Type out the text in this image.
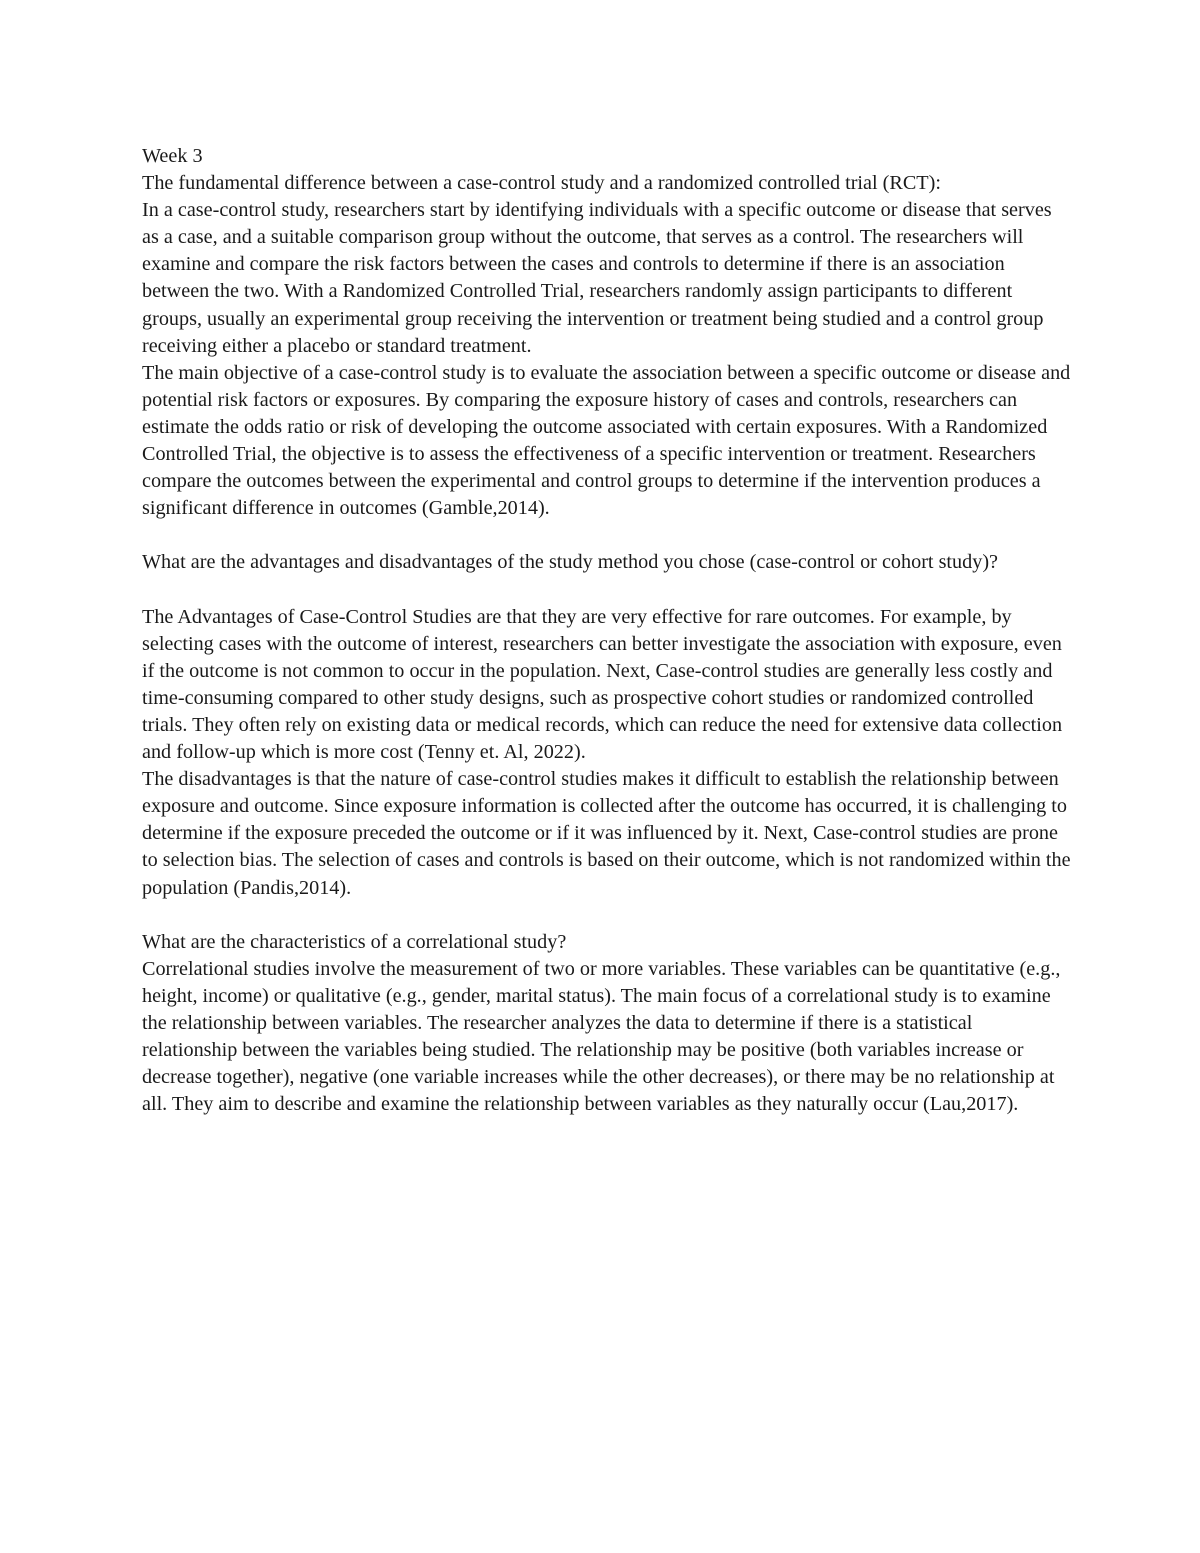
Week 3

The fundamental difference between a case-control study and a randomized controlled trial (RCT):

In a case-control study, researchers start by identifying individuals with a specific outcome or disease that serves as a case, and a suitable comparison group without the outcome, that serves as a control. The researchers will examine and compare the risk factors between the cases and controls to determine if there is an association between the two. With a Randomized Controlled Trial, researchers randomly assign participants to different groups, usually an experimental group receiving the intervention or treatment being studied and a control group receiving either a placebo or standard treatment.

The main objective of a case-control study is to evaluate the association between a specific outcome or disease and potential risk factors or exposures. By comparing the exposure history of cases and controls, researchers can estimate the odds ratio or risk of developing the outcome associated with certain exposures. With a Randomized Controlled Trial, the objective is to assess the effectiveness of a specific intervention or treatment. Researchers compare the outcomes between the experimental and control groups to determine if the intervention produces a significant difference in outcomes (Gamble,2014).

What are the advantages and disadvantages of the study method you chose (case-control or cohort study)?

The Advantages of Case-Control Studies are that they are very effective for rare outcomes. For example, by selecting cases with the outcome of interest, researchers can better investigate the association with exposure, even if the outcome is not common to occur in the population. Next, Case-control studies are generally less costly and time-consuming compared to other study designs, such as prospective cohort studies or randomized controlled trials. They often rely on existing data or medical records, which can reduce the need for extensive data collection and follow-up which is more cost (Tenny et. Al, 2022).

The disadvantages is that the nature of case-control studies makes it difficult to establish the relationship between exposure and outcome. Since exposure information is collected after the outcome has occurred, it is challenging to determine if the exposure preceded the outcome or if it was influenced by it. Next, Case-control studies are prone to selection bias. The selection of cases and controls is based on their outcome, which is not randomized within the population (Pandis,2014).

What are the characteristics of a correlational study?

Correlational studies involve the measurement of two or more variables. These variables can be quantitative (e.g., height, income) or qualitative (e.g., gender, marital status). The main focus of a correlational study is to examine the relationship between variables. The researcher analyzes the data to determine if there is a statistical relationship between the variables being studied. The relationship may be positive (both variables increase or decrease together), negative (one variable increases while the other decreases), or there may be no relationship at all. They aim to describe and examine the relationship between variables as they naturally occur (Lau,2017).
